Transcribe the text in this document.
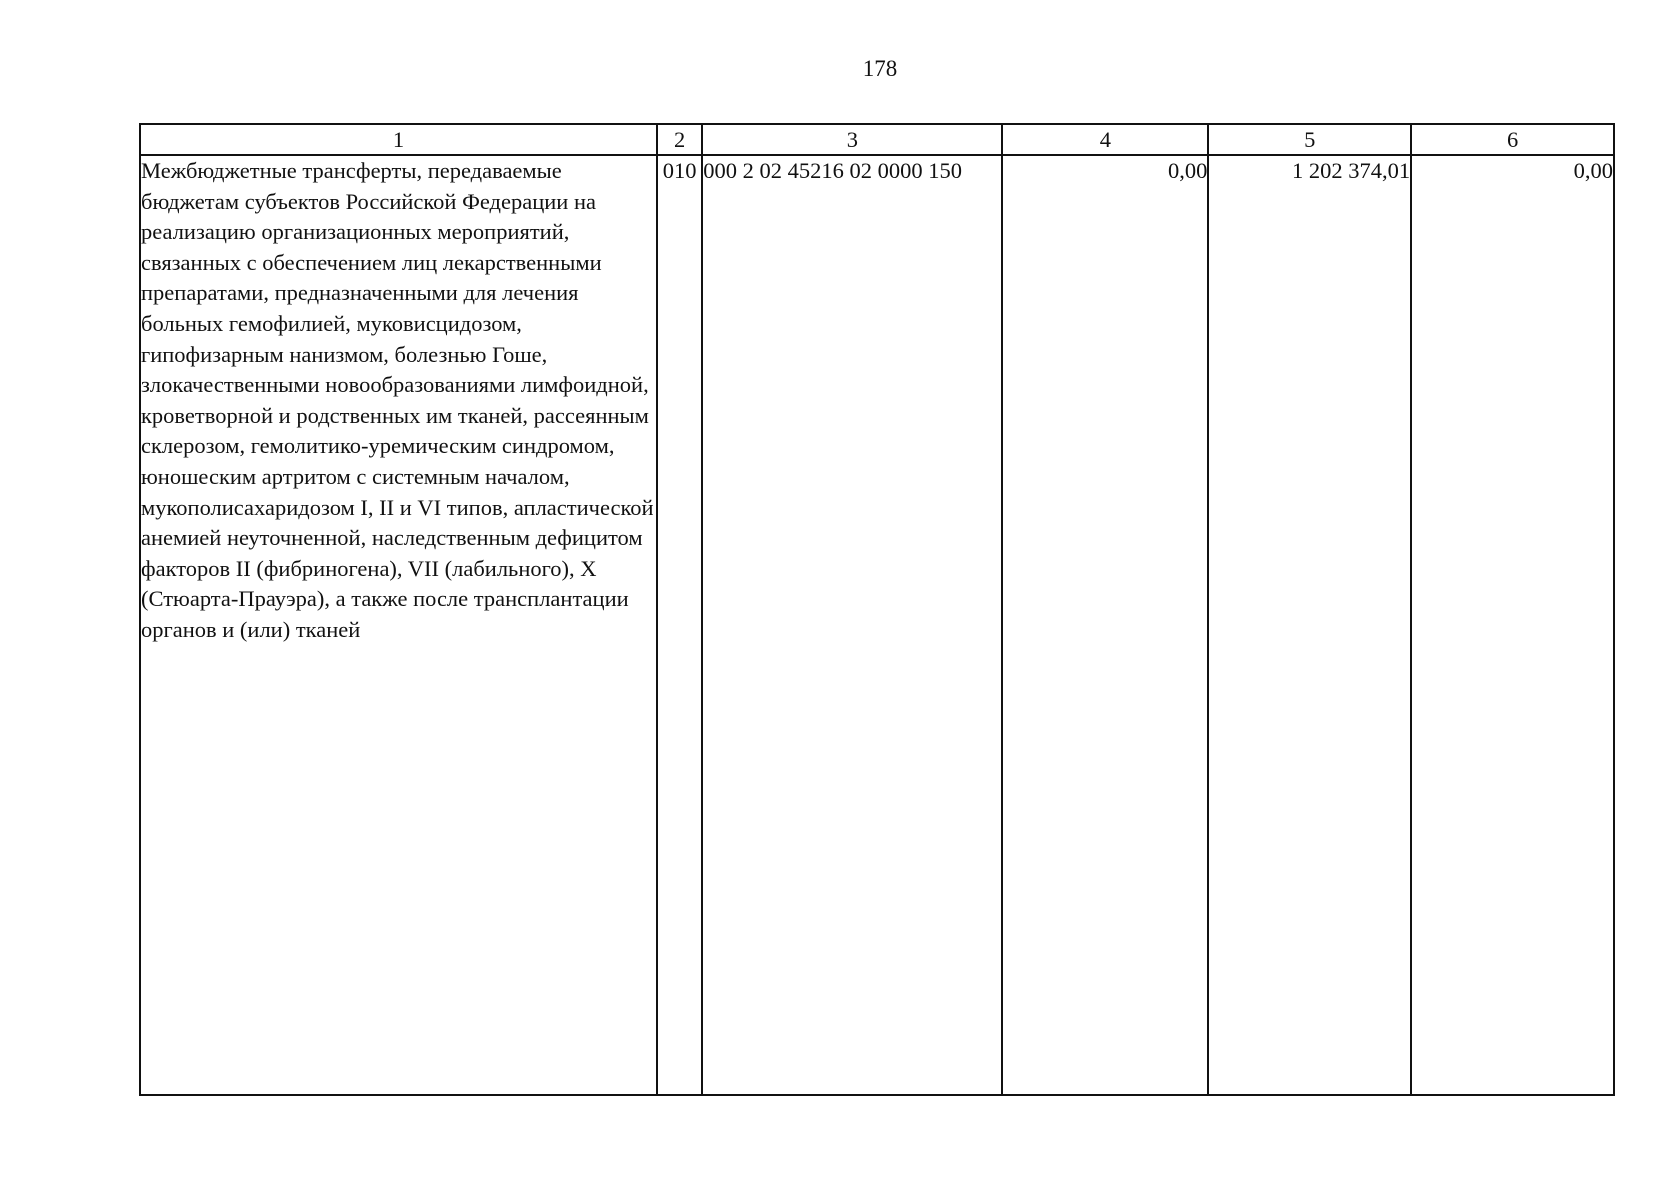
178
1	2	3	4	5	6
Межбюджетные трансферты, передаваемые бюджетам субъектов Российской Федерации на реализацию организационных мероприятий, связанных с обеспечением лиц лекарственными препаратами, предназначенными для лечения больных гемофилией, муковисцидозом, гипофизарным нанизмом, болезнью Гоше, злокачественными новообразованиями лимфоидной, кроветворной и родственных им тканей, рассеянным склерозом, гемолитико-уремическим синдромом, юношеским артритом с системным началом, мукополисахаридозом I, II и VI типов, апластической анемией неуточненной, наследственным дефицитом факторов II (фибриногена), VII (лабильного), X (Стюарта-Прауэра), а также после трансплантации органов и (или) тканей	010	000 2 02 45216 02 0000 150	0,00	1 202 374,01	0,00
